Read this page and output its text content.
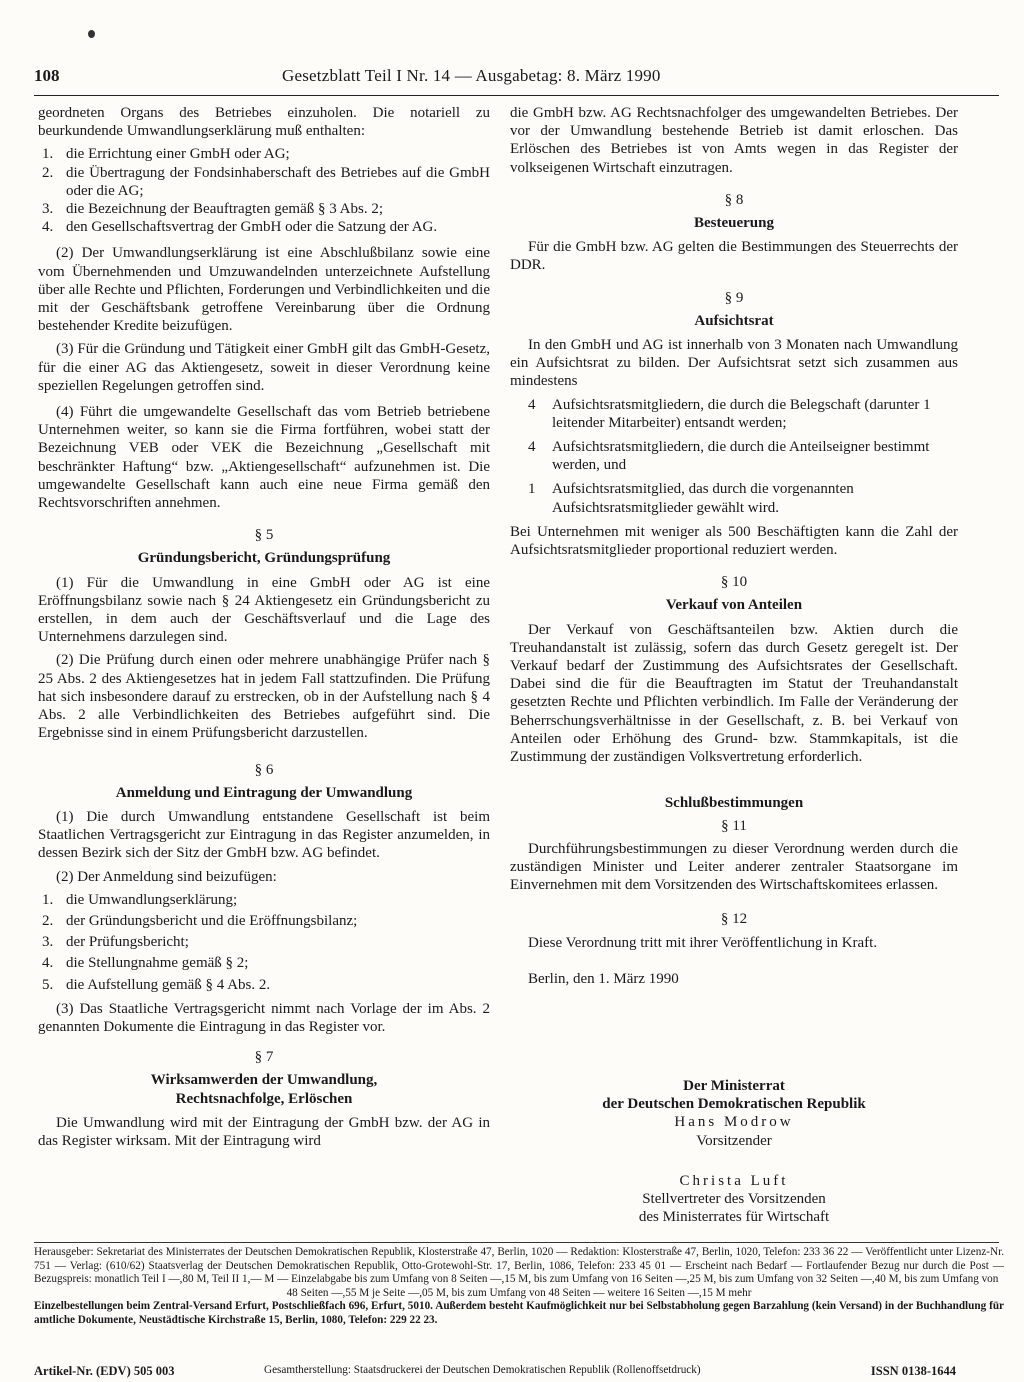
108	Gesetzblatt Teil I Nr. 14 — Ausgabetag: 8. März 1990

geordneten Organs des Betriebes einzuholen. Die notariell zu beurkundende Umwandlungserklärung muß enthalten:

1. die Errichtung einer GmbH oder AG;
2. die Übertragung der Fondsinhaberschaft des Betriebes auf die GmbH oder die AG;
3. die Bezeichnung der Beauftragten gemäß § 3 Abs. 2;
4. den Gesellschaftsvertrag der GmbH oder die Satzung der AG.

(2) Der Umwandlungserklärung ist eine Abschlußbilanz sowie eine vom Übernehmenden und Umzuwandelnden unterzeichnete Aufstellung über alle Rechte und Pflichten, Forderungen und Verbindlichkeiten und die mit der Geschäftsbank getroffene Vereinbarung über die Ordnung bestehender Kredite beizufügen.

(3) Für die Gründung und Tätigkeit einer GmbH gilt das GmbH-Gesetz, für die einer AG das Aktiengesetz, soweit in dieser Verordnung keine speziellen Regelungen getroffen sind.

(4) Führt die umgewandelte Gesellschaft das vom Betrieb betriebene Unternehmen weiter, so kann sie die Firma fortführen, wobei statt der Bezeichnung VEB oder VEK die Bezeichnung „Gesellschaft mit beschränkter Haftung“ bzw. „Aktiengesellschaft“ aufzunehmen ist. Die umgewandelte Gesellschaft kann auch eine neue Firma gemäß den Rechtsvorschriften annehmen.

§ 5
Gründungsbericht, Gründungsprüfung

(1) Für die Umwandlung in eine GmbH oder AG ist eine Eröffnungsbilanz sowie nach § 24 Aktiengesetz ein Gründungsbericht zu erstellen, in dem auch der Geschäftsverlauf und die Lage des Unternehmens darzulegen sind.

(2) Die Prüfung durch einen oder mehrere unabhängige Prüfer nach § 25 Abs. 2 des Aktiengesetzes hat in jedem Fall stattzufinden. Die Prüfung hat sich insbesondere darauf zu erstrecken, ob in der Aufstellung nach § 4 Abs. 2 alle Verbindlichkeiten des Betriebes aufgeführt sind. Die Ergebnisse sind in einem Prüfungsbericht darzustellen.

§ 6
Anmeldung und Eintragung der Umwandlung

(1) Die durch Umwandlung entstandene Gesellschaft ist beim Staatlichen Vertragsgericht zur Eintragung in das Register anzumelden, in dessen Bezirk sich der Sitz der GmbH bzw. AG befindet.

(2) Der Anmeldung sind beizufügen:

1. die Umwandlungserklärung;
2. der Gründungsbericht und die Eröffnungsbilanz;
3. der Prüfungsbericht;
4. die Stellungnahme gemäß § 2;
5. die Aufstellung gemäß § 4 Abs. 2.

(3) Das Staatliche Vertragsgericht nimmt nach Vorlage der im Abs. 2 genannten Dokumente die Eintragung in das Register vor.

§ 7
Wirksamwerden der Umwandlung,
Rechtsnachfolge, Erlöschen

Die Umwandlung wird mit der Eintragung der GmbH bzw. der AG in das Register wirksam. Mit der Eintragung wird

die GmbH bzw. AG Rechtsnachfolger des umgewandelten Betriebes. Der vor der Umwandlung bestehende Betrieb ist damit erloschen. Das Erlöschen des Betriebes ist von Amts wegen in das Register der volkseigenen Wirtschaft einzutragen.

§ 8
Besteuerung

Für die GmbH bzw. AG gelten die Bestimmungen des Steuerrechts der DDR.

§ 9
Aufsichtsrat

In den GmbH und AG ist innerhalb von 3 Monaten nach Umwandlung ein Aufsichtsrat zu bilden. Der Aufsichtsrat setzt sich zusammen aus mindestens

4 Aufsichtsratsmitgliedern, die durch die Belegschaft (darunter 1 leitender Mitarbeiter) entsandt werden;
4 Aufsichtsratsmitgliedern, die durch die Anteilseigner bestimmt werden, und
1 Aufsichtsratsmitglied, das durch die vorgenannten Aufsichtsratsmitglieder gewählt wird.

Bei Unternehmen mit weniger als 500 Beschäftigten kann die Zahl der Aufsichtsratsmitglieder proportional reduziert werden.

§ 10
Verkauf von Anteilen

Der Verkauf von Geschäftsanteilen bzw. Aktien durch die Treuhandanstalt ist zulässig, sofern das durch Gesetz geregelt ist. Der Verkauf bedarf der Zustimmung des Aufsichtsrates der Gesellschaft. Dabei sind die für die Beauftragten im Statut der Treuhandanstalt gesetzten Rechte und Pflichten verbindlich. Im Falle der Veränderung der Beherrschungsverhältnisse in der Gesellschaft, z. B. bei Verkauf von Anteilen oder Erhöhung des Grund- bzw. Stammkapitals, ist die Zustimmung der zuständigen Volksvertretung erforderlich.

Schlußbestimmungen
§ 11

Durchführungsbestimmungen zu dieser Verordnung werden durch die zuständigen Minister und Leiter anderer zentraler Staatsorgane im Einvernehmen mit dem Vorsitzenden des Wirtschaftskomitees erlassen.

§ 12

Diese Verordnung tritt mit ihrer Veröffentlichung in Kraft.

Berlin, den 1. März 1990

Der Ministerrat
der Deutschen Demokratischen Republik
Hans Modrow
Vorsitzender
Christa Luft
Stellvertreter des Vorsitzenden
des Ministerrates für Wirtschaft

Herausgeber: Sekretariat des Ministerrates der Deutschen Demokratischen Republik, Klosterstraße 47, Berlin, 1020 — Redaktion: Klosterstraße 47, Berlin, 1020, Telefon: 233 36 22 — Veröffentlicht unter Lizenz-Nr. 751 — Verlag: (610/62) Staatsverlag der Deutschen Demokratischen Republik, Otto-Grotewohl-Str. 17, Berlin, 1086, Telefon: 233 45 01 — Erscheint nach Bedarf — Fortlaufender Bezug nur durch die Post — Bezugspreis: monatlich Teil I —,80 M, Teil II 1,— M — Einzelabgabe bis zum Umfang von 8 Seiten —,15 M, bis zum Umfang von 16 Seiten —,25 M, bis zum Umfang von 32 Seiten —,40 M, bis zum Umfang von

48 Seiten —,55 M je Seite —,05 M, bis zum Umfang von 48 Seiten — weitere 16 Seiten —,15 M mehr

Einzelbestellungen beim Zentral-Versand Erfurt, Postschließfach 696, Erfurt, 5010. Außerdem besteht Kaufmöglichkeit nur bei Selbstabholung gegen Barzahlung (kein Versand) in der Buchhandlung für amtliche Dokumente, Neustädtische Kirchstraße 15, Berlin, 1080, Telefon: 229 22 23.

Artikel-Nr. (EDV) 505 003	Gesamtherstellung: Staatsdruckerei der Deutschen Demokratischen Republik (Rollenoffsetdruck)	ISSN 0138-1644
